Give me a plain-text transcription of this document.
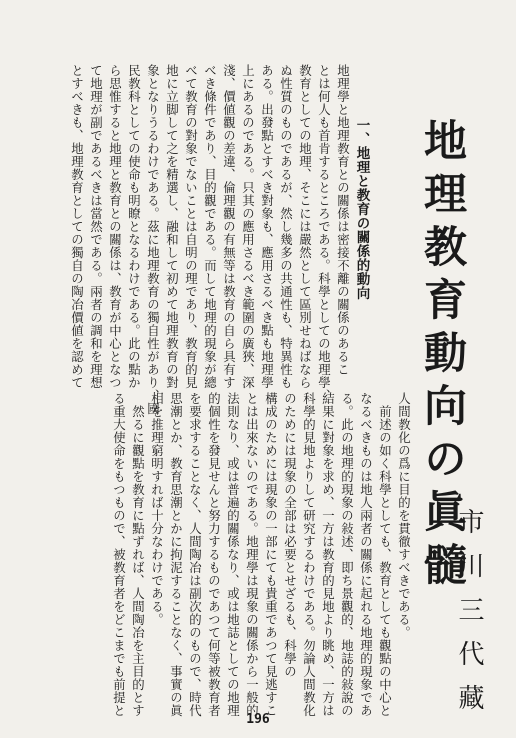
地理教育動向の眞髓
市川三代藏
一、地理と教育の關係的動向
地理學と地理教育との關係は密接不離の關係のあるこ
とは何人も首肯するところである。科學としての地理學、
教育としての地理、そこには嚴然として區別せねばなら
ぬ性質のものであるが、然し幾多の共通性も、特異性も
ある。出發點とすべき對象も、應用さるべき點も地理學
上にあるのである。只其の應用さるべき範圍の廣狹、深
淺、價値觀の差違、倫理觀の有無等は教育の自ら具有す
べき條件であり、目的觀である。而して地理的現象が總
べて教育の對象でないことは自明の理であり、教育的見
地に立脚して之を精選し、融和して初めて地理教育の對
象となりうるわけである。茲に地理教育の獨自性があり、國
民教科としての使命も明瞭となるわけである。此の點か
ら思惟すると地理と教育との關係は、教育が中心となつ
て地理が副であるべきは當然である。兩者の調和を理想
とすべきも、地理教育としての獨自の陶冶價値を認めて
人間教化の爲に目的を貫徹すべきである。
　前述の如く科學としても、教育としても觀點の中心と
なるべきものは地人兩者の關係に起れる地理的現象であ
る。此の地理的現象の敍述、即ち景觀的、地誌的敍說の
結果に對象を求め、一方は教育的見地より眺め、一方は
科學的見地よりして研究するわけである。勿論人間教化
のためには現象の全部は必要とせざるも、科學の
構成のためには現象の一部にても貴重であつて見逃すこ
とは出來ないのである。地理學は現象の關係から一般的
法則なり、或は普遍的關係なり、或は地誌としての地理
的個性を發見せんと努力するものであつて何等被教育者
を要求することなく、人間陶冶は副次的のもので、時代
思潮とか、教育思潮とかに拘泥することなく、事實の眞
相を推理窮明すれば十分なわけである。
　然るに觀點を教育に點ずれば、人間陶冶を主目的とす
る重大使命をもつもので、被教育者をどこまでも前提と
196
